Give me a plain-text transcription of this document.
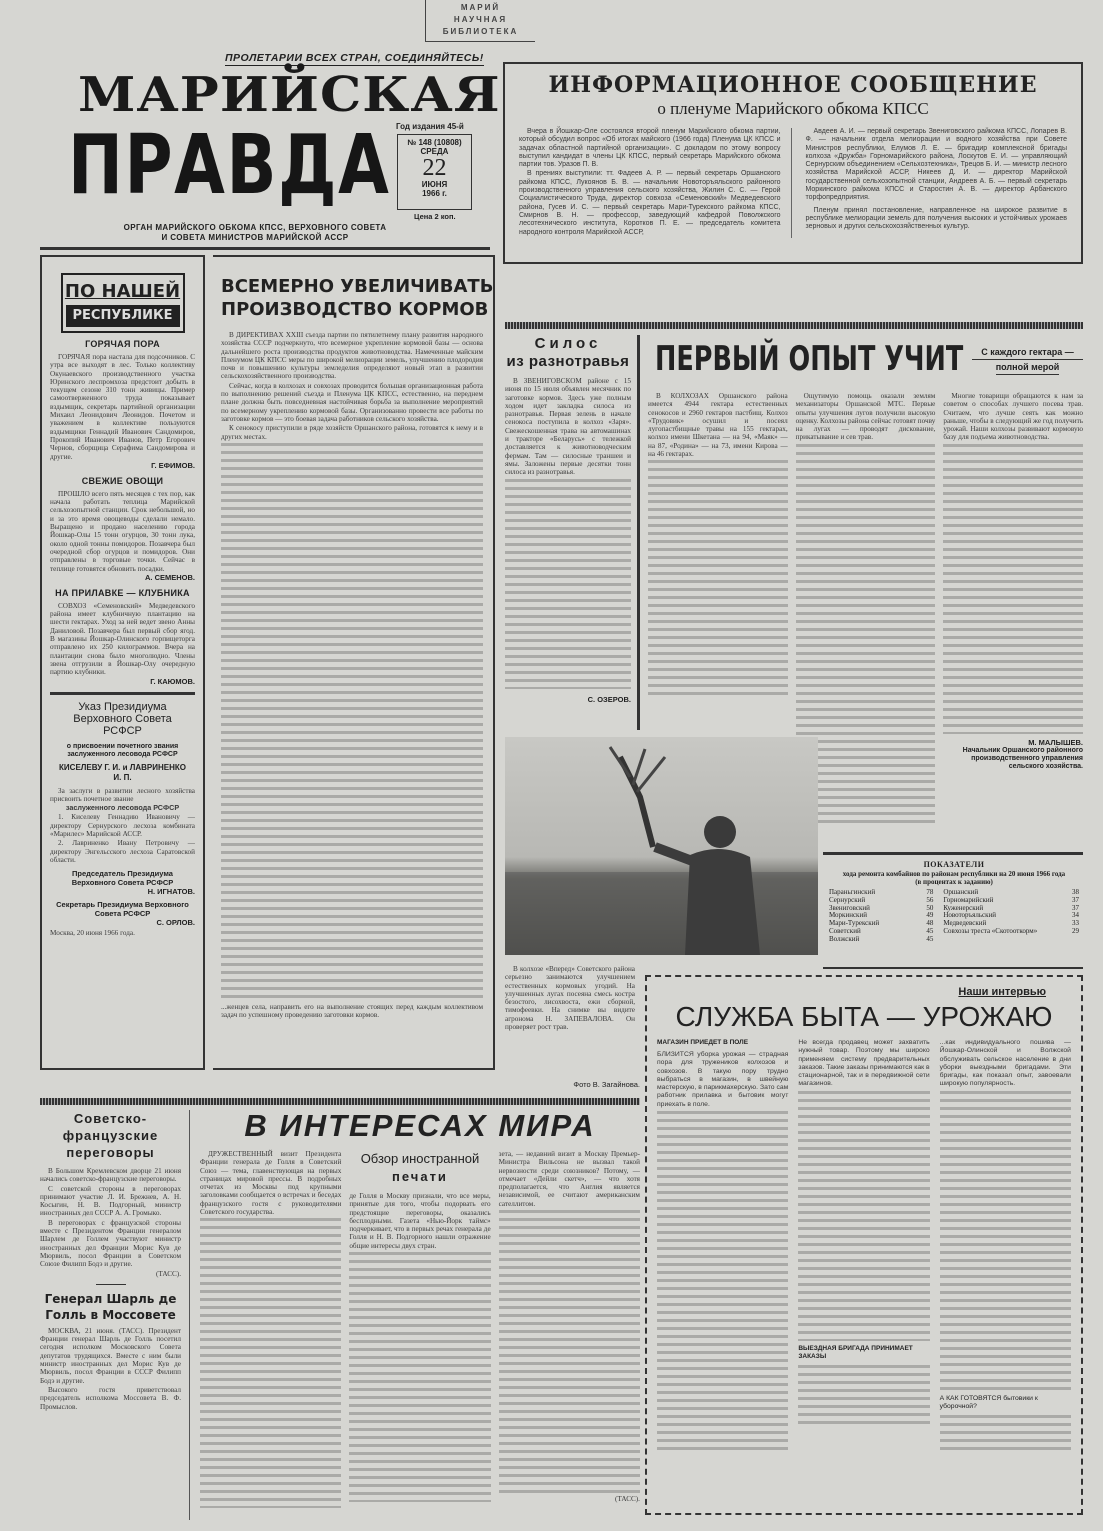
МАРИЙ
НАУЧНАЯ
БИБЛИОТЕКА
ПРОЛЕТАРИИ ВСЕХ СТРАН, СОЕДИНЯЙТЕСЬ!
МАРИЙСКАЯ
ПРАВДА Год издания 45-й
№ 148 (10808)
СРЕДА
22
ИЮНЯ
1966 г.
Цена 2 коп.
ОРГАН МАРИЙСКОГО ОБКОМА КПСС, ВЕРХОВНОГО СОВЕТА
И СОВЕТА МИНИСТРОВ МАРИЙСКОЙ АССР
ИНФОРМАЦИОННОЕ СООБЩЕНИЕ
о пленуме Марийского обкома КПСС

Вчера в Йошкар-Оле состоялся второй пленум Марийского обкома партии, который обсудил вопрос «Об итогах майского (1966 года) Пленума ЦК КПСС и задачах областной партийной организации». С докладом по этому вопросу выступил кандидат в члены ЦК КПСС, первый секретарь Марийского обкома партии тов. Уразов П. В.

В прениях выступили: тт. Фадеев А. Р. — первый секретарь Оршанского райкома КПСС, Лукоянов Б. В. — начальник Новоторъяльского районного производственного управления сельского хозяйства, Жилин С. С. — Герой Социалистического Труда, директор совхоза «Семеновский» Медведевского района, Гусев И. С. — первый секретарь Мари-Турекского райкома КПСС, Смирнов В. Н. — профессор, заведующий кафедрой Поволжского лесотехнического института, Коротков П. Е. — председатель комитета народного контроля Марийской АССР,

Авдеев А. И. — первый секретарь Звениговского райкома КПСС, Лопарев В. Ф. — начальник отдела мелиорации и водного хозяйства при Совете Министров республики, Елумов Л. Е. — бригадир комплексной бригады колхоза «Дружба» Горномарийского района, Лоскутов Е. И. — управляющий Сернурским объединением «Сельхозтехника», Трецов Б. И. — министр лесного хозяйства Марийской АССР, Никеев Д. И. — директор Марийской государственной сельхозопытной станции, Андреев А. Б. — первый секретарь Моркинского райкома КПСС и Старостин А. В. — директор Арбанского торфопредприятия.

Пленум принял постановление, направленное на широкое развитие в республике мелиорации земель для получения высоких и устойчивых урожаев зерновых и других сельскохозяйственных культур.

ПО НАШЕЙ
РЕСПУБЛИКЕ
ГОРЯЧАЯ ПОРА
ГОРЯЧАЯ пора настала для подсочников. С утра все выходят в лес. Только коллективу Окунаевского производственного участка Юринского леспромхоза предстоит добыть в текущем сезоне 310 тонн живицы. Пример самоотверженного труда показывает вздымщик, секретарь партийной организации Михаил Леонидович Леонидов. Почетом и уважением в коллективе пользуются вздымщики Геннадий Иванович Сандомиров, Прокопий Иванович Иванов, Петр Егорович Чернов, сборщица Серафима Сандомирова и другие.
Г. ЕФИМОВ.
СВЕЖИЕ ОВОЩИ
ПРОШЛО всего пять месяцев с тех пор, как начала работать теплица Марийской сельхозопытной станции. Срок небольшой, но и за это время овощеводы сделали немало. Выращено и продано населению города Йошкар-Олы 15 тонн огурцов, 30 тонн лука, около одной тонны помидоров. Позавчера был очередной сбор огурцов и помидоров. Они отправлены в торговые точки. Сейчас в теплице готовятся обновить посадки.
А. СЕМЕНОВ.
НА ПРИЛАВКЕ — КЛУБНИКА
СОВХОЗ «Семеновский» Медведевского района имеет клубничную плантацию на шести гектарах. Уход за ней ведет звено Анны Даниловой. Позавчера был первый сбор ягод. В магазины Йошкар-Олинского горпищеторга отправлено их 250 килограммов. Вчера на плантации снова было многолюдно. Члены звена отгрузили в Йошкар-Олу очередную партию клубники.
Г. КАЮМОВ.
Указ Президиума Верховного Совета РСФСР
о присвоении почетного звания заслуженного лесовода РСФСР
КИСЕЛЕВУ Г. И. и ЛАВРИНЕНКО И. П.

За заслуги в развитии лесного хозяйства присвоить почетное звание

заслуженного лесовода РСФСР

1. Киселеву Геннадию Ивановичу — директору Сернурского лесхоза комбината «Марилес» Марийской АССР.

2. Лавриненко Ивану Петровичу — директору Энгельсского лесхоза Саратовской области.

Председатель Президиума Верховного Совета РСФСР
Н. ИГНАТОВ.
Секретарь Президиума Верховного Совета РСФСР
С. ОРЛОВ.
Москва, 20 июня 1966 года.
ВСЕМЕРНО УВЕЛИЧИВАТЬ
ПРОИЗВОДСТВО КОРМОВ

В ДИРЕКТИВАХ XXIII съезда партии по пятилетнему плану развития народного хозяйства СССР подчеркнуто, что всемерное укрепление кормовой базы — основа дальнейшего роста производства продуктов животноводства. Намеченные майским Пленумом ЦК КПСС меры по широкой мелиорации земель, улучшению плодородия почв и повышению культуры земледелия определяют новый этап в развитии сельскохозяйственного производства.

Сейчас, когда в колхозах и совхозах проводится большая организационная работа по выполнению решений съезда и Пленума ЦК КПСС, естественно, на переднем плане должна быть повседневная настойчивая борьба за выполнение мероприятий по всемерному укреплению кормовой базы. Организованно провести все работы по заготовке кормов — это боевая задача работников сельского хозяйства.

К сенокосу приступили в ряде хозяйств Оршанского района, готовятся к нему и в других местах.

...женцев села, направить его на выполнение стоящих перед каждым коллективом задач по успешному проведению заготовки кормов.
Силос
из разнотравья
В ЗВЕНИГОВСКОМ районе с 15 июня по 15 июля объявлен месячник по заготовке кормов. Здесь уже полным ходом идет закладка силоса из разнотравья. Первая зелень в начале сенокоса поступила в колхоз «Заря». Свежескошенная трава на автомашинах и тракторе «Беларусь» с тележкой доставляется к животноводческим фермам. Там — силосные траншеи и ямы. Заложены первые десятки тонн силоса из разнотравья.
С. ОЗЕРОВ.
ПЕРВЫЙ ОПЫТ УЧИТ	С каждого гектара —
полной мерой
В КОЛХОЗАХ Оршанского района имеется 4944 гектара естественных сенокосов и 2960 гектаров пастбищ. Колхоз «Трудовик» осушил и посеял лугопастбищные травы на 155 гектарах, колхоз имени Шкетана — на 94, «Маяк» — на 87, «Родина» — на 73, имени Кирова — на 46 гектарах.
Ощутимую помощь оказали землям механизаторы Оршанской МТС. Первые опыты улучшения лугов получили высокую оценку. Колхозы района сейчас готовят почву на лугах — проводят дискование, прикатывание и сев трав.
Многие товарищи обращаются к нам за советом о способах лучшего посева трав. Считаем, что лучше сеять как можно раньше, чтобы в следующий же год получить урожай. Наши колхозы развивают кормовую базу для подъема животноводства.
М. МАЛЫШЕВ.
Начальник Оршанского районного производственного управления сельского хозяйства.
ПОКАЗАТЕЛИ
хода ремонта комбайнов по районам республики на 20 июня 1966 года (в процентах к заданию)
Параньгинский	78
Сернурский	56
Звениговский	50
Моркинский	49
Мари-Турекский	48
Советский	45
Волжский	45
Оршанский	38
Горномарийский	37
Куженерский	37
Новоторъяльский	34
Медведевский	33
Совхозы треста «Скотооткорм»	29
В колхозе «Вперед» Советского района серьезно занимаются улучшением естественных кормовых угодий. На улучшенных лугах посеяна смесь костра безостого, лисохвоста, ежи сборной, тимофеевки. На снимке вы видите агронома Н. ЗАПЕВАЛОВА. Он проверяет рост трав.
Фото В. Загайнова.
Наши интервью
СЛУЖБА БЫТА — УРОЖАЮ
МАГАЗИН ПРИЕДЕТ В ПОЛЕ
БЛИЗИТСЯ уборка урожая — страдная пора для тружеников колхозов и совхозов. В такую пору трудно выбраться в магазин, в швейную мастерскую, в парикмахерскую. Зато сам работник прилавка и бытовик могут приехать в поле.
Не всегда продавец может захватить нужный товар. Поэтому мы широко применяем систему предварительных заказов. Такие заказы принимаются как в стационарной, так и в передвижной сети магазинов.
ВЫЕЗДНАЯ БРИГАДА ПРИНИМАЕТ ЗАКАЗЫ
...как индивидуального пошива — Йошкар-Олинской и Волжской обслуживать сельское население в дни уборки выездными бригадами. Эти бригады, как показал опыт, завоевали широкую популярность.
А КАК ГОТОВЯТСЯ бытовики к уборочной?
Советско-французские переговоры

В Большом Кремлевском дворце 21 июня начались советско-французские переговоры.

С советской стороны в переговорах принимают участие Л. И. Брежнев, А. Н. Косыгин, Н. В. Подгорный, министр иностранных дел СССР А. А. Громыко.

В переговорах с французской стороны вместе с Президентом Франции генералом Шарлем де Голлем участвуют министр иностранных дел Франции Морис Кув де Мюрвиль, посол Франции в Советском Союзе Филипп Бодэ и другие.

(ТАСС).
Генерал Шарль де Голль в Моссовете

МОСКВА, 21 июня. (ТАСС). Президент Франции генерал Шарль де Голль посетил сегодня исполком Московского Совета депутатов трудящихся. Вместе с ним были министр иностранных дел Морис Кув де Мюрвиль, посол Франции в СССР Филипп Бодэ и другие.

Высокого гостя приветствовал председатель исполкома Моссовета В. Ф. Промыслов.

В ИНТЕРЕСАХ МИРА
ДРУЖЕСТВЕННЫЙ визит Президента Франции генерала де Голля в Советский Союз — тема, главенствующая на первых страницах мировой прессы. В подробных отчетах из Москвы под крупными заголовками сообщается о встречах и беседах французского гостя с руководителями Советского государства.
Обзор иностранной
печати
де Голля в Москву признали, что все меры, принятые для того, чтобы подорвать его предстоящие переговоры, оказались бесплодными. Газета «Нью-Йорк таймс» подчеркивает, что в первых речах генерала де Голля и Н. В. Подгорного нашли отражение общие интересы двух стран.
зета, — недавний визит в Москву Премьер-Министра Вильсона не вызвал такой нервозности среди союзников? Потому, — отмечает «Дейли скетч», — что хотя предполагается, что Англия является независимой, ее считают американским сателлитом.
(ТАСС).
